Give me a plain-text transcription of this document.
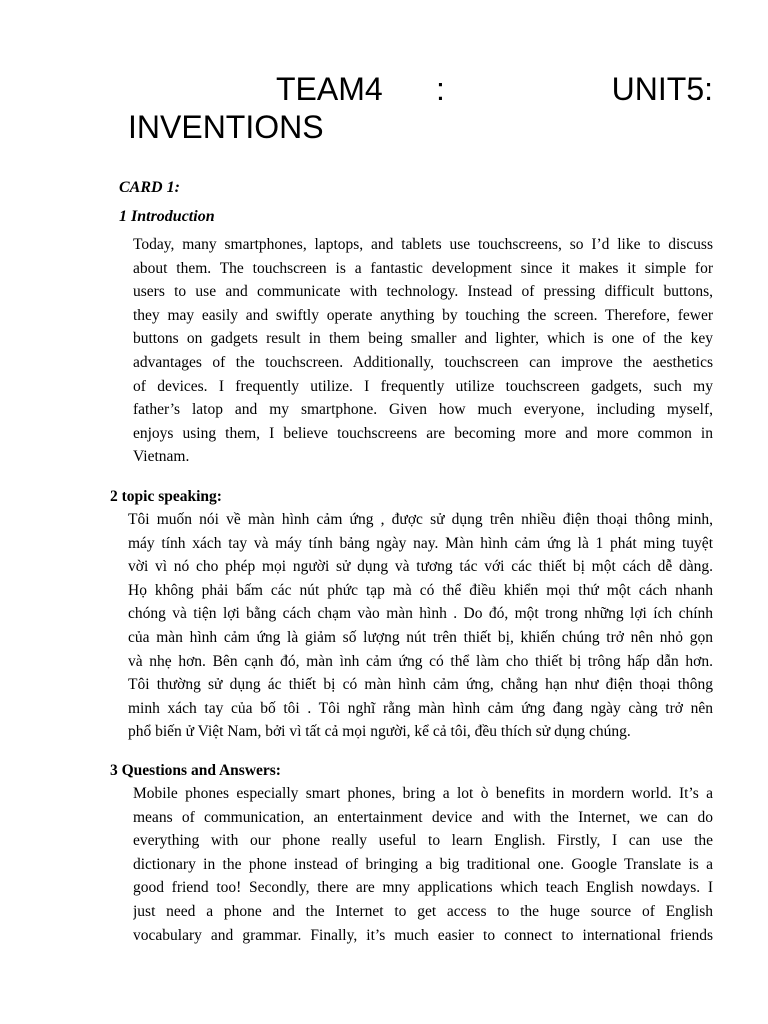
TEAM4 :	UNIT5:
INVENTIONS

CARD 1:

1 Introduction

Today, many smartphones, laptops, and tablets use touchscreens, so I’d like to discuss
about them. The touchscreen is a fantastic development since it makes it simple for
users to use and communicate with technology. Instead of pressing difficult buttons,
they may easily and swiftly operate anything by touching the screen. Therefore, fewer
buttons on gadgets result in them being smaller and lighter, which is one of the key
advantages of the touchscreen. Additionally, touchscreen can improve the aesthetics
of devices. I frequently utilize. I frequently utilize touchscreen gadgets, such my
father’s latop and my smartphone. Given how much everyone, including myself,
enjoys using them, I believe touchscreens are becoming more and more common in
Vietnam.

2 topic speaking:

Tôi muốn nói về màn hình cảm ứng , được sử dụng trên nhiều điện thoại thông minh,
máy tính xách tay và máy tính bảng ngày nay. Màn hình cảm ứng là 1 phát ming tuyệt
vời vì nó cho phép mọi người sử dụng và tương tác với các thiết bị một cách dễ dàng.
Họ không phải bấm các nút phức tạp mà có thể điều khiển mọi thứ một cách nhanh
chóng và tiện lợi bằng cách chạm vào màn hình . Do đó, một trong những lợi ích chính
của màn hình cảm ứng là giảm số lượng nút trên thiết bị, khiến chúng trở nên nhỏ gọn
và nhẹ hơn. Bên cạnh đó, màn ình cảm ứng có thể làm cho thiết bị trông hấp dẫn hơn.
Tôi thường sử dụng ác thiết bị có màn hình cảm ứng, chẳng hạn như điện thoại thông
minh xách tay của bố tôi . Tôi nghĩ rằng màn hình cảm ứng đang ngày càng trở nên
phổ biến ử Việt Nam, bởi vì tất cả mọi người, kể cả tôi, đều thích sử dụng chúng.

3 Questions and Answers:

Mobile phones especially smart phones, bring a lot ò benefits in mordern world. It’s a
means of communication, an entertainment device and with the Internet, we can do
everything with our phone really useful to learn English. Firstly, I can use the
dictionary in the phone instead of bringing a big traditional one. Google Translate is a
good friend too! Secondly, there are mny applications which teach English nowdays. I
just need a phone and the Internet to get access to the huge source of English
vocabulary and grammar. Finally, it’s much easier to connect to international friends
